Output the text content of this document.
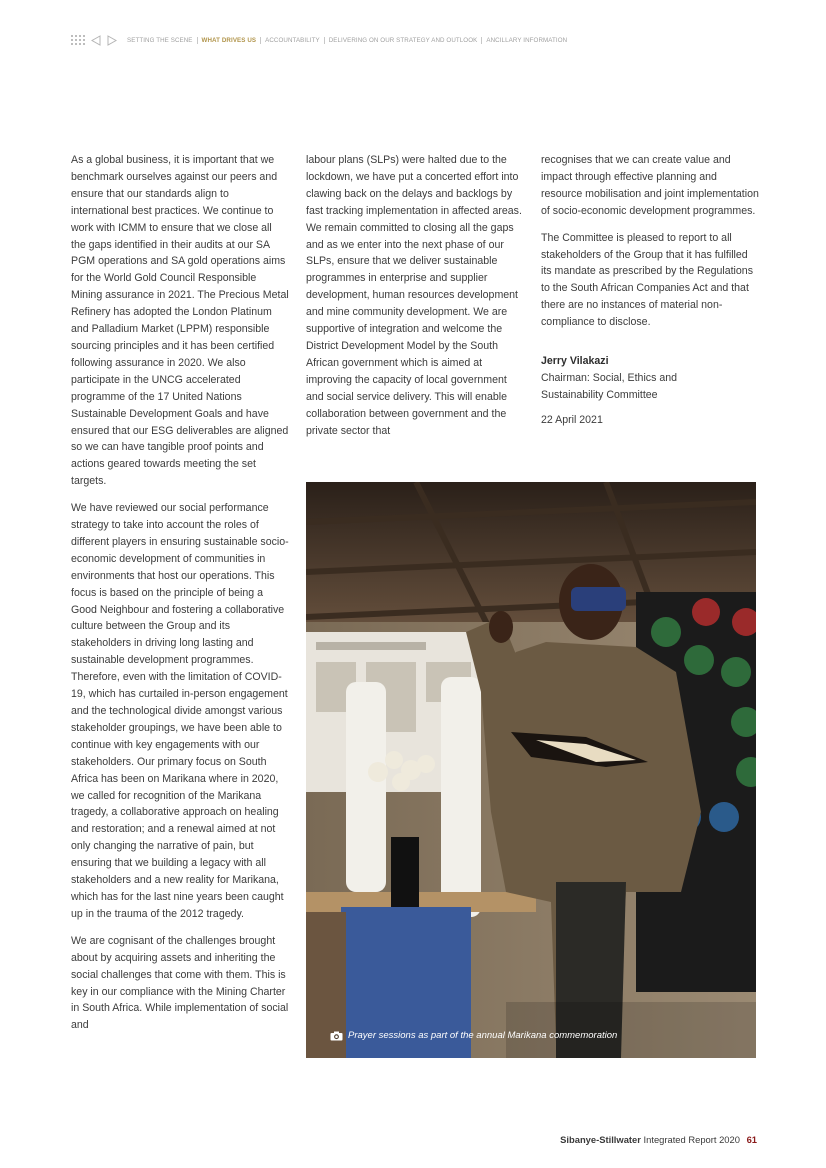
SETTING THE SCENE WHAT DRIVES US ACCOUNTABILITY DELIVERING ON OUR STRATEGY AND OUTLOOK ANCILLARY INFORMATION

As a global business, it is important that we benchmark ourselves against our peers and ensure that our standards align to international best practices. We continue to work with ICMM to ensure that we close all the gaps identified in their audits at our SA PGM operations and SA gold operations aims for the World Gold Council Responsible Mining assurance in 2021. The Precious Metal Refinery has adopted the London Platinum and Palladium Market (LPPM) responsible sourcing principles and it has been certified following assurance in 2020. We also participate in the UNCG accelerated programme of the 17 United Nations Sustainable Development Goals and have ensured that our ESG deliverables are aligned so we can have tangible proof points and actions geared towards meeting the set targets.

We have reviewed our social performance strategy to take into account the roles of different players in ensuring sustainable socio-economic development of communities in environments that host our operations. This focus is based on the principle of being a Good Neighbour and fostering a collaborative culture between the Group and its stakeholders in driving long lasting and sustainable development programmes. Therefore, even with the limitation of COVID-19, which has curtailed in-person engagement and the technological divide amongst various stakeholder groupings, we have been able to continue with key engagements with our stakeholders. Our primary focus on South Africa has been on Marikana where in 2020, we called for recognition of the Marikana tragedy, a collaborative approach on healing and restoration; and a renewal aimed at not only changing the narrative of pain, but ensuring that we building a legacy with all stakeholders and a new reality for Marikana, which has for the last nine years been caught up in the trauma of the 2012 tragedy.

We are cognisant of the challenges brought about by acquiring assets and inheriting the social challenges that come with them. This is key in our compliance with the Mining Charter in South Africa. While implementation of social and

labour plans (SLPs) were halted due to the lockdown, we have put a concerted effort into clawing back on the delays and backlogs by fast tracking implementation in affected areas. We remain committed to closing all the gaps and as we enter into the next phase of our SLPs, ensure that we deliver sustainable programmes in enterprise and supplier development, human resources development and mine community development. We are supportive of integration and welcome the District Development Model by the South African government which is aimed at improving the capacity of local government and social service delivery. This will enable collaboration between government and the private sector that

recognises that we can create value and impact through effective planning and resource mobilisation and joint implementation of socio-economic development programmes.

The Committee is pleased to report to all stakeholders of the Group that it has fulfilled its mandate as prescribed by the Regulations to the South African Companies Act and that there are no instances of material non-compliance to disclose.

Jerry Vilakazi
Chairman: Social, Ethics and
Sustainability Committee
22 April 2021
Prayer sessions as part of the annual Marikana commemoration
Sibanye-Stillwater Integrated Report 2020 61
